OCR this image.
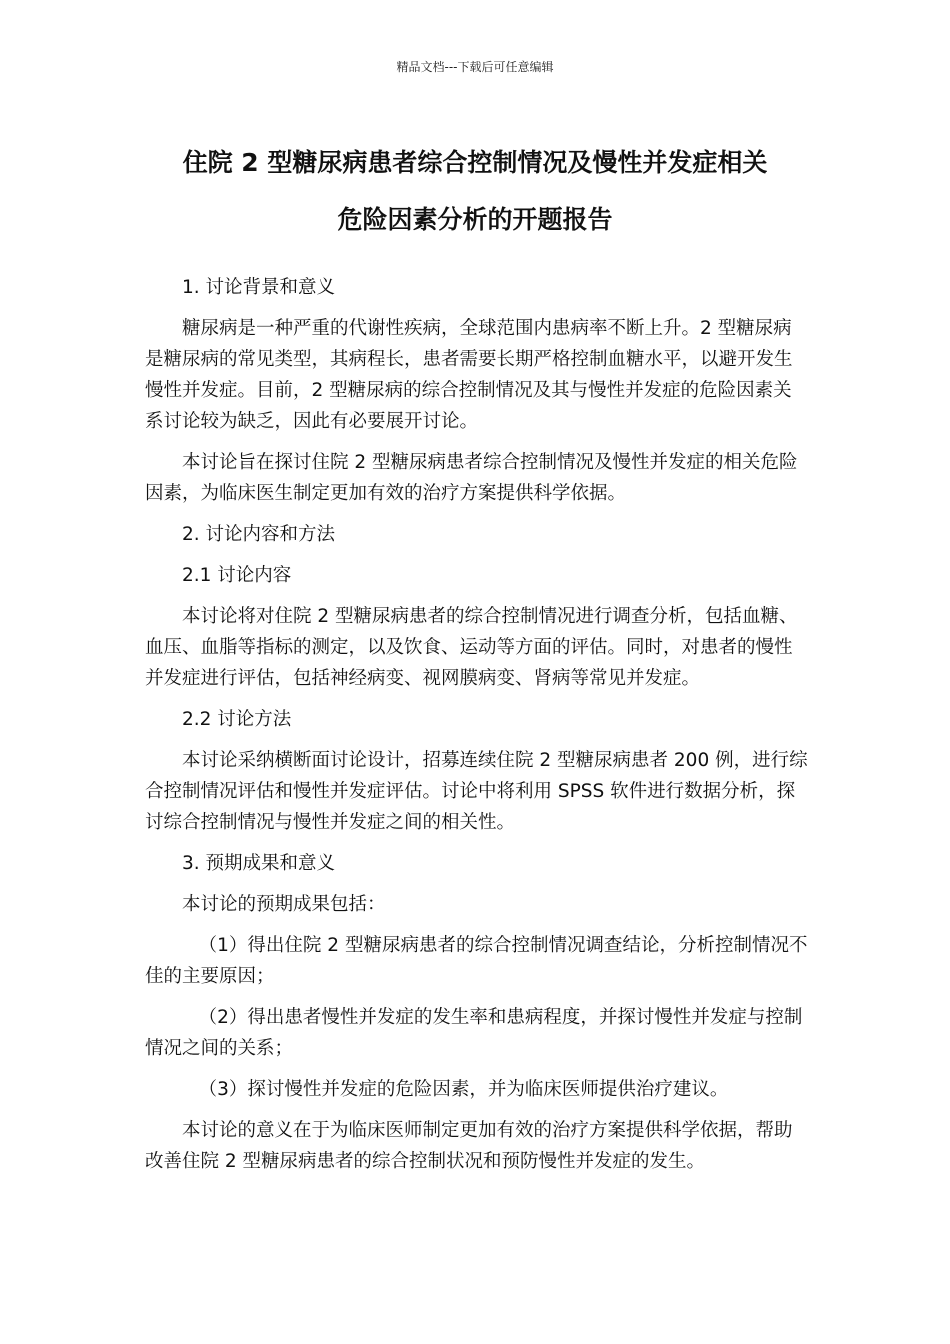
精品文档---下载后可任意编辑
住院 2 型糖尿病患者综合控制情况及慢性并发症相关
危险因素分析的开题报告

1. 讨论背景和意义

糖尿病是一种严重的代谢性疾病，全球范围内患病率不断上升。2 型糖尿病是糖尿病的常见类型，其病程长，患者需要长期严格控制血糖水平，以避开发生慢性并发症。目前，2 型糖尿病的综合控制情况及其与慢性并发症的危险因素关系讨论较为缺乏，因此有必要展开讨论。

本讨论旨在探讨住院 2 型糖尿病患者综合控制情况及慢性并发症的相关危险因素，为临床医生制定更加有效的治疗方案提供科学依据。

2. 讨论内容和方法

2.1 讨论内容

本讨论将对住院 2 型糖尿病患者的综合控制情况进行调查分析，包括血糖、血压、血脂等指标的测定，以及饮食、运动等方面的评估。同时，对患者的慢性并发症进行评估，包括神经病变、视网膜病变、肾病等常见并发症。

2.2 讨论方法

本讨论采纳横断面讨论设计，招募连续住院 2 型糖尿病患者 200 例，进行综合控制情况评估和慢性并发症评估。讨论中将利用 SPSS 软件进行数据分析，探讨综合控制情况与慢性并发症之间的相关性。

3. 预期成果和意义

本讨论的预期成果包括：

（1）得出住院 2 型糖尿病患者的综合控制情况调查结论，分析控制情况不佳的主要原因；

（2）得出患者慢性并发症的发生率和患病程度，并探讨慢性并发症与控制情况之间的关系；

（3）探讨慢性并发症的危险因素，并为临床医师提供治疗建议。

本讨论的意义在于为临床医师制定更加有效的治疗方案提供科学依据，帮助改善住院 2 型糖尿病患者的综合控制状况和预防慢性并发症的发生。
